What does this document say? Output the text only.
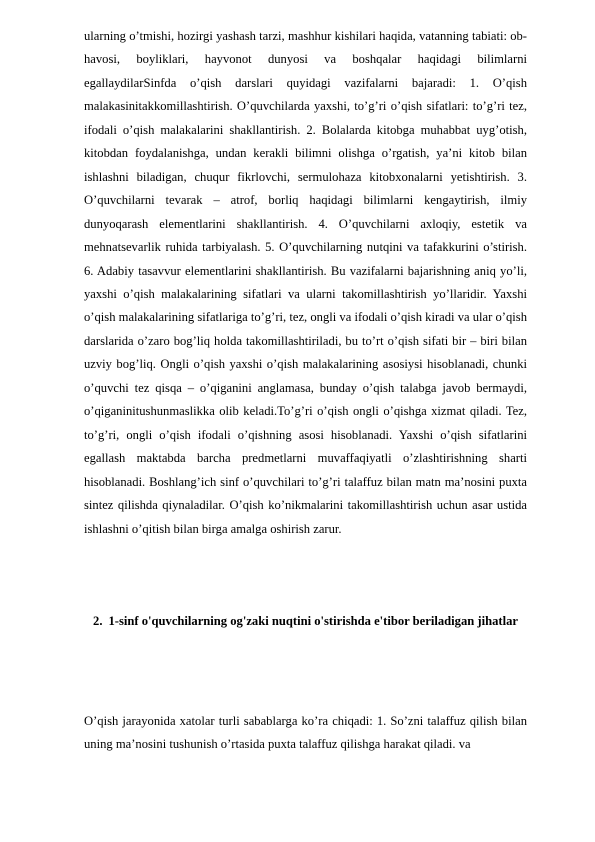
ularning o’tmishi, hozirgi yashash tarzi, mashhur kishilari haqida, vatanning tabiati: ob-havosi, boyliklari, hayvonot dunyosi va boshqalar haqidagi bilimlarni egallaydilarSinfda o’qish darslari quyidagi vazifalarni bajaradi: 1. O’qish malakasinitakkomillashtirish. O’quvchilarda yaxshi, to’g’ri o’qish sifatlari: to’g’ri tez, ifodali o’qish malakalarini shakllantirish. 2. Bolalarda kitobga muhabbat uyg’otish, kitobdan foydalanishga, undan kerakli bilimni olishga o’rgatish, ya’ni kitob bilan ishlashni biladigan, chuqur fikrlovchi, sermulohaza kitobxonalarni yetishtirish. 3. O’quvchilarni tevarak – atrof, borliq haqidagi bilimlarni kengaytirish, ilmiy dunyoqarash elementlarini shakllantirish. 4. O’quvchilarni axloqiy, estetik va mehnatsevarlik ruhida tarbiyalash. 5. O’quvchilarning nutqini va tafakkurini o’stirish. 6. Adabiy tasavvur elementlarini shakllantirish. Bu vazifalarni bajarishning aniq yo’li, yaxshi o’qish malakalarining sifatlari va ularni takomillashtirish yo’llaridir. Yaxshi o’qish malakalarining sifatlariga to’g’ri, tez, ongli va ifodali o’qish kiradi va ular o’qish darslarida o’zaro bog’liq holda takomillashtiriladi, bu to’rt o’qish sifati bir – biri bilan uzviy bog’liq. Ongli o’qish yaxshi o’qish malakalarining asosiysi hisoblanadi, chunki o’quvchi tez qisqa – o’qiganini anglamasa, bunday o’qish talabga javob bermaydi, o’qiganinitushunmaslikka olib keladi.To’g’ri o’qish ongli o’qishga xizmat qiladi. Tez, to’g’ri, ongli o’qish ifodali o’qishning asosi hisoblanadi. Yaxshi o’qish sifatlarini egallash maktabda barcha predmetlarni muvaffaqiyatli o’zlashtirishning sharti hisoblanadi. Boshlang’ich sinf o’quvchilari to’g’ri talaffuz bilan matn ma’nosini puxta sintez qilishda qiynaladilar. O’qish ko’nikmalarini takomillashtirish uchun asar ustida ishlashni o’qitish bilan birga amalga oshirish zarur.

2. 1-sinf o'quvchilarning og'zaki nuqtini o'stirishda e'tibor beriladigan jihatlar

O’qish jarayonida xatolar turli sabablarga ko’ra chiqadi: 1. So’zni talaffuz qilish bilan uning ma’nosini tushunish o’rtasida puxta talaffuz qilishga harakat qiladi. va
